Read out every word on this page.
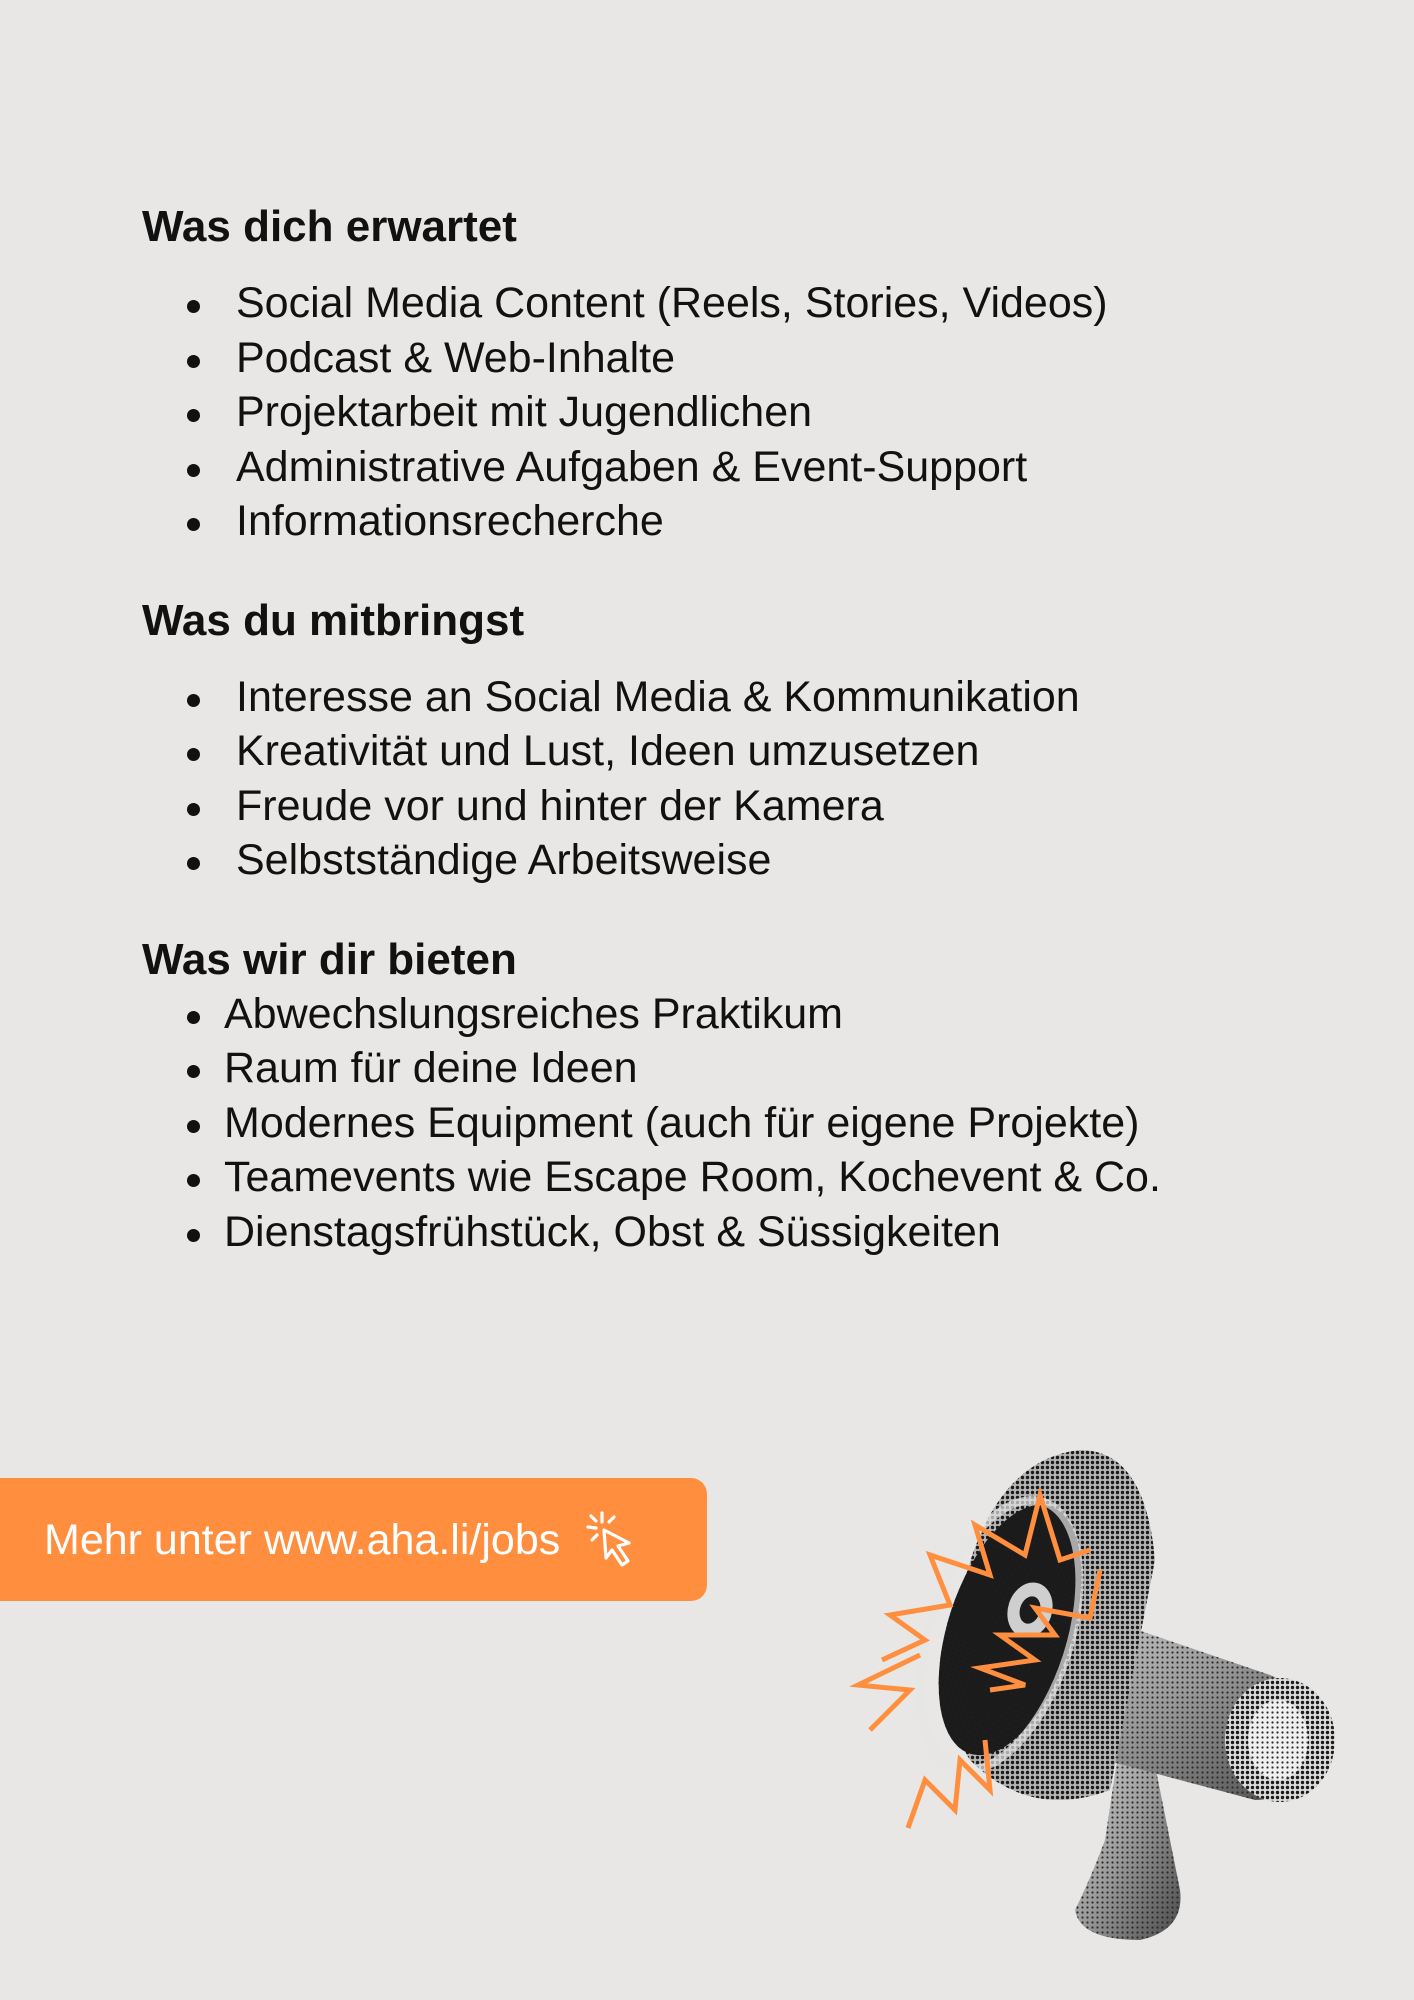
Was dich erwartet
Social Media Content (Reels, Stories, Videos)
Podcast & Web-Inhalte
Projektarbeit mit Jugendlichen
Administrative Aufgaben & Event-Support
Informationsrecherche
Was du mitbringst
Interesse an Social Media & Kommunikation
Kreativität und Lust, Ideen umzusetzen
Freude vor und hinter der Kamera
Selbstständige Arbeitsweise
Was wir dir bieten
Abwechslungsreiches Praktikum
Raum für deine Ideen
Modernes Equipment (auch für eigene Projekte)
Teamevents wie Escape Room, Kochevent & Co.
Dienstagsfrühstück, Obst & Süssigkeiten
Mehr unter www.aha.li/jobs
